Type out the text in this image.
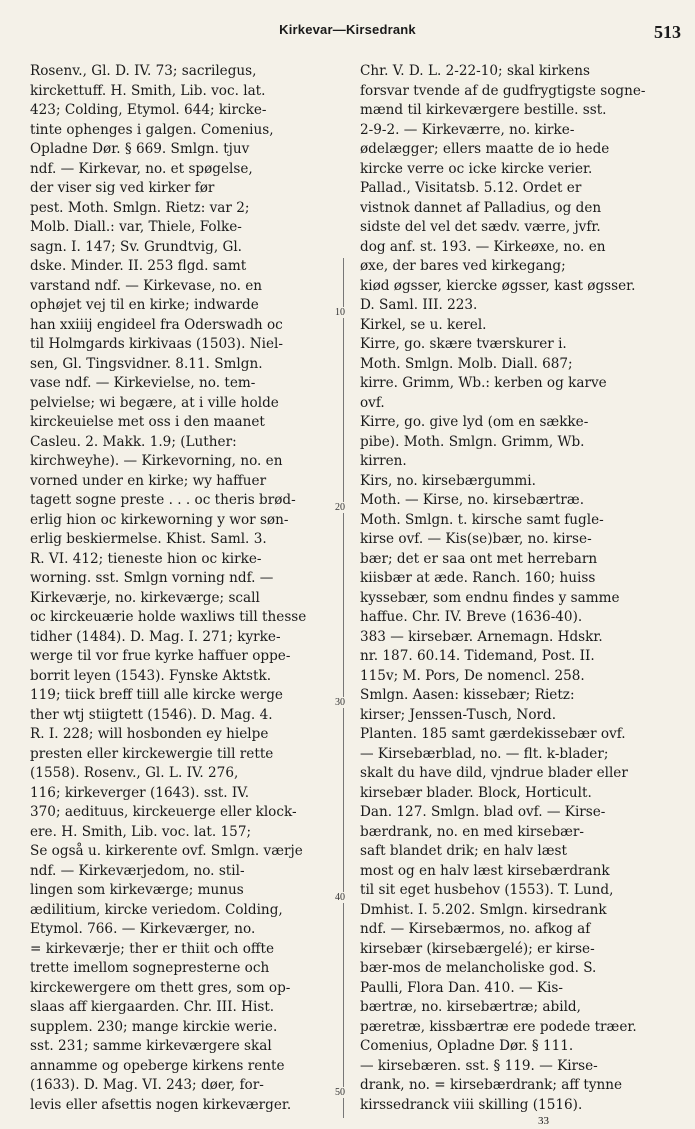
Kirkevar—Kirsedrank	513
Rosenv., Gl. D. IV. 73; sacrilegus,
kirckettuff. H. Smith, Lib. voc. lat.
423; Colding, Etymol. 644; kircke-
tinte ophenges i galgen. Comenius,
Opladne Dør. § 669. Smlgn. tjuv
ndf. — Kirkevar, no. et spøgelse,
der viser sig ved kirker før
pest. Moth. Smlgn. Rietz: var 2;
Molb. Diall.: var, Thiele, Folke-
sagn. I. 147; Sv. Grundtvig, Gl.
dske. Minder. II. 253 flgd. samt
varstand ndf. — Kirkevase, no. en
ophøjet vej til en kirke; indwarde
han xxiiij engideel fra Oderswadh oc
til Holmgards kirkivaas (1503). Niel-
sen, Gl. Tingsvidner. 8.11. Smlgn.
vase ndf. — Kirkevielse, no. tem-
pelvielse; wi begære, at i ville holde
kirckeuielse met oss i den maanet
Casleu. 2. Makk. 1.9; (Luther:
kirchweyhe). — Kirkevorning, no. en
vorned under en kirke; wy haffuer
tagett sogne preste . . . oc theris brød-
erlig hion oc kirkeworning y wor søn-
erlig beskiermelse. Khist. Saml. 3.
R. VI. 412; tieneste hion oc kirke-
worning. sst. Smlgn vorning ndf. —
Kirkeværje, no. kirkeværge; scall
oc kirckeuærie holde waxliws till thesse
tidher (1484). D. Mag. I. 271; kyrke-
werge til vor frue kyrke haffuer oppe-
borrit leyen (1543). Fynske Aktstk.
119; tiick breff tiill alle kircke werge
ther wtj stiigtett (1546). D. Mag. 4.
R. I. 228; will hosbonden ey hielpe
presten eller kirckewergie till rette
(1558). Rosenv., Gl. L. IV. 276,
116; kirkeverger (1643). sst. IV.
370; aedituus, kirckeuerge eller klock-
ere. H. Smith, Lib. voc. lat. 157;
Se også u. kirkerente ovf. Smlgn. værje
ndf. — Kirkeværjedom, no. stil-
lingen som kirkeværge; munus
ædilitium, kircke veriedom. Colding,
Etymol. 766. — Kirkeværger, no.
= kirkeværje; ther er thiit och offte
trette imellom sognepresterne och
kirckewergere om thett gres, som op-
slaas aff kiergaarden. Chr. III. Hist.
supplem. 230; mange kirckie werie.
sst. 231; samme kirkeværgere skal
annamme og opeberge kirkens rente
(1633). D. Mag. VI. 243; døer, for-
levis eller afsettis nogen kirkeværger.
10
20
30
40
50
Chr. V. D. L. 2-22-10; skal kirkens
forsvar tvende af de gudfrygtigste sogne-
mænd til kirkeværgere bestille. sst.
2-9-2. — Kirkeværre, no. kirke-
ødelægger; ellers maatte de io hede
kircke verre oc icke kircke verier.
Pallad., Visitatsb. 5.12. Ordet er
vistnok dannet af Palladius, og den
sidste del vel det sædv. værre, jvfr.
dog anf. st. 193. — Kirkeøxe, no. en
øxe, der bares ved kirkegang;
kiød øgsser, kiercke øgsser, kast øgsser.
D. Saml. III. 223.
Kirkel, se u. kerel.
Kirre, go. skære tværskurer i.
Moth. Smlgn. Molb. Diall. 687;
kirre. Grimm, Wb.: kerben og karve
ovf.
Kirre, go. give lyd (om en sække-
pibe). Moth. Smlgn. Grimm, Wb.
kirren.
Kirs, no. kirsebærgummi.
Moth. — Kirse, no. kirsebærtræ.
Moth. Smlgn. t. kirsche samt fugle-
kirse ovf. — Kis(se)bær, no. kirse-
bær; det er saa ont met herrebarn
kiisbær at æde. Ranch. 160; huiss
kyssebær, som endnu findes y samme
haffue. Chr. IV. Breve (1636-40).
383 — kirsebær. Arnemagn. Hdskr.
nr. 187. 60.14. Tidemand, Post. II.
115v; M. Pors, De nomencl. 258.
Smlgn. Aasen: kissebær; Rietz:
kirser; Jenssen-Tusch, Nord.
Planten. 185 samt gærdekissebær ovf.
— Kirsebærblad, no. — flt. k-blader;
skalt du have dild, vjndrue blader eller
kirsebær blader. Block, Horticult.
Dan. 127. Smlgn. blad ovf. — Kirse-
bærdrank, no. en med kirsebær-
saft blandet drik; en halv læst
most og en halv læst kirsebærdrank
til sit eget husbehov (1553). T. Lund,
Dmhist. I. 5.202. Smlgn. kirsedrank
ndf. — Kirsebærmos, no. afkog af
kirsebær (kirsebærgelé); er kirse-
bær-mos de melancholiske god. S.
Paulli, Flora Dan. 410. — Kis-
bærtræ, no. kirsebærtræ; abild,
pæretræ, kissbærtræ ere podede træer.
Comenius, Opladne Dør. § 111.
— kirsebæren. sst. § 119. — Kirse-
drank, no. = kirsebærdrank; aff tynne
kirssedranck viii skilling (1516).
33
